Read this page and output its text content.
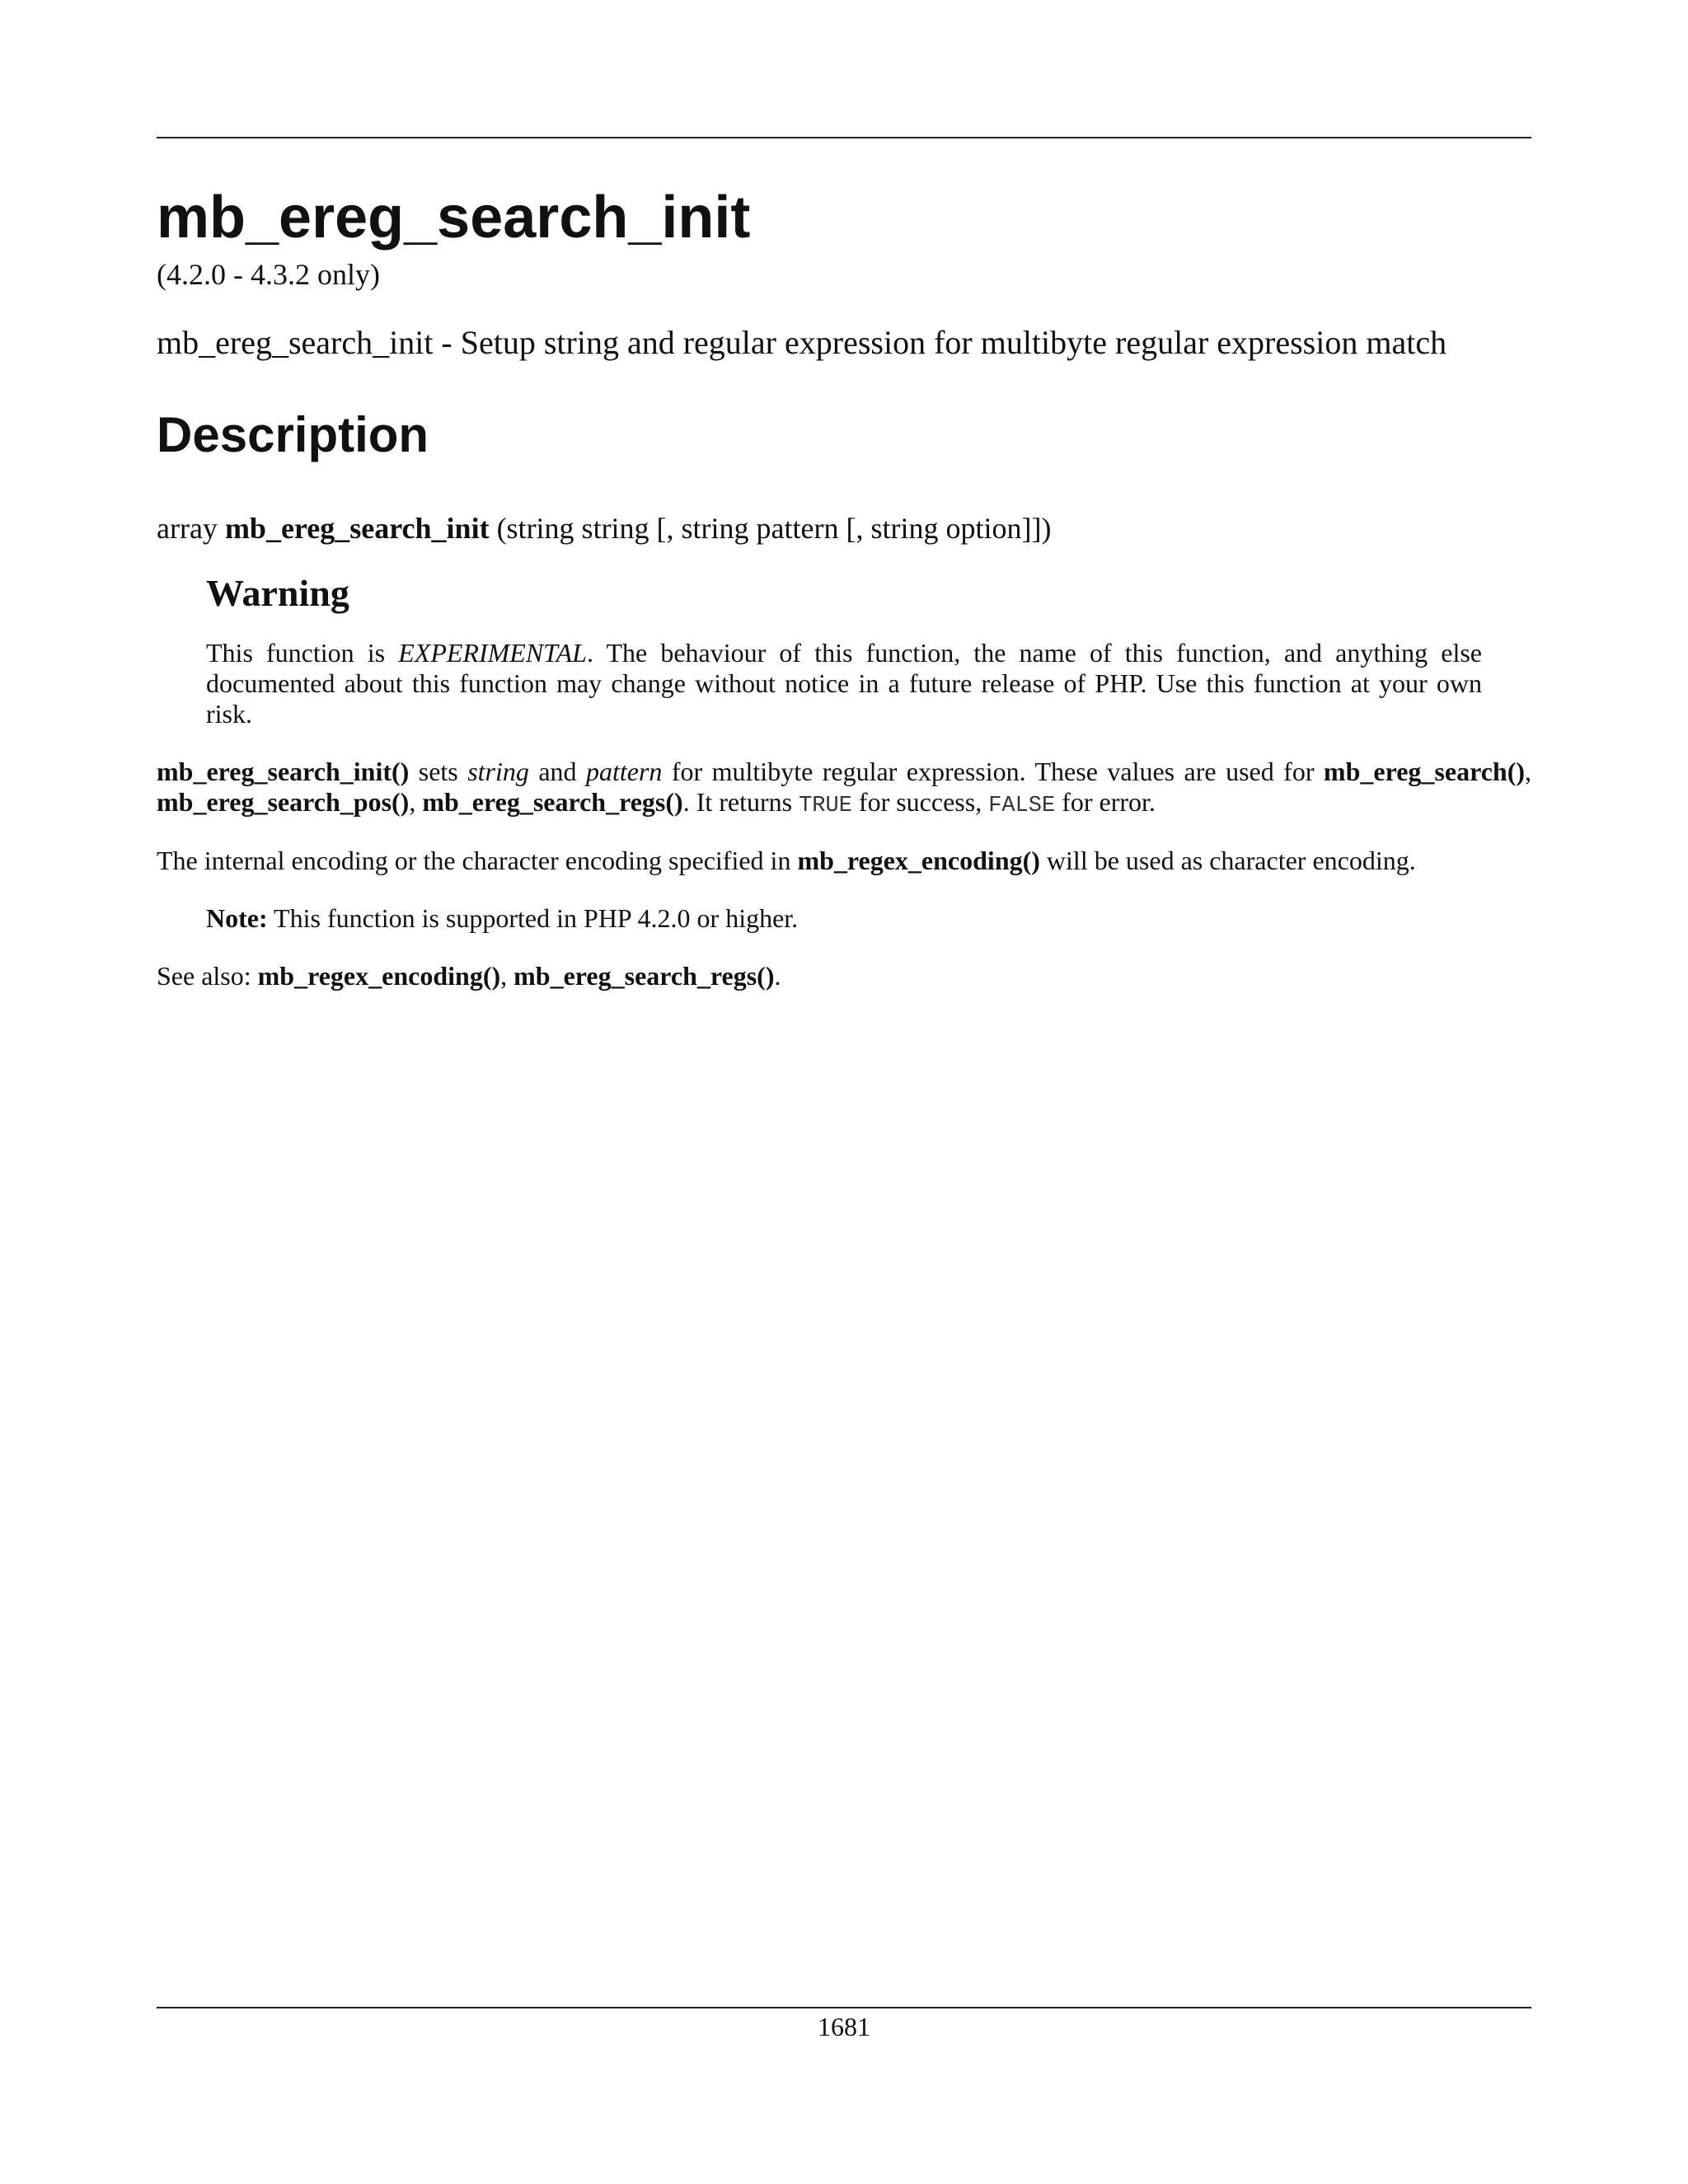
mb_ereg_search_init
(4.2.0 - 4.3.2 only)
mb_ereg_search_init - Setup string and regular expression for multibyte regular expression match
Description
array mb_ereg_search_init (string string [, string pattern [, string option]])
Warning

This function is EXPERIMENTAL. The behaviour of this function, the name of this function, and anything else documented about this function may change without notice in a future release of PHP. Use this function at your own risk.

mb_ereg_search_init() sets string and pattern for multibyte regular expression. These values are used for mb_ereg_search(), mb_ereg_search_pos(), mb_ereg_search_regs(). It returns TRUE for success, FALSE for error.

The internal encoding or the character encoding specified in mb_regex_encoding() will be used as character encoding.

Note: This function is supported in PHP 4.2.0 or higher.

See also: mb_regex_encoding(), mb_ereg_search_regs().

1681
